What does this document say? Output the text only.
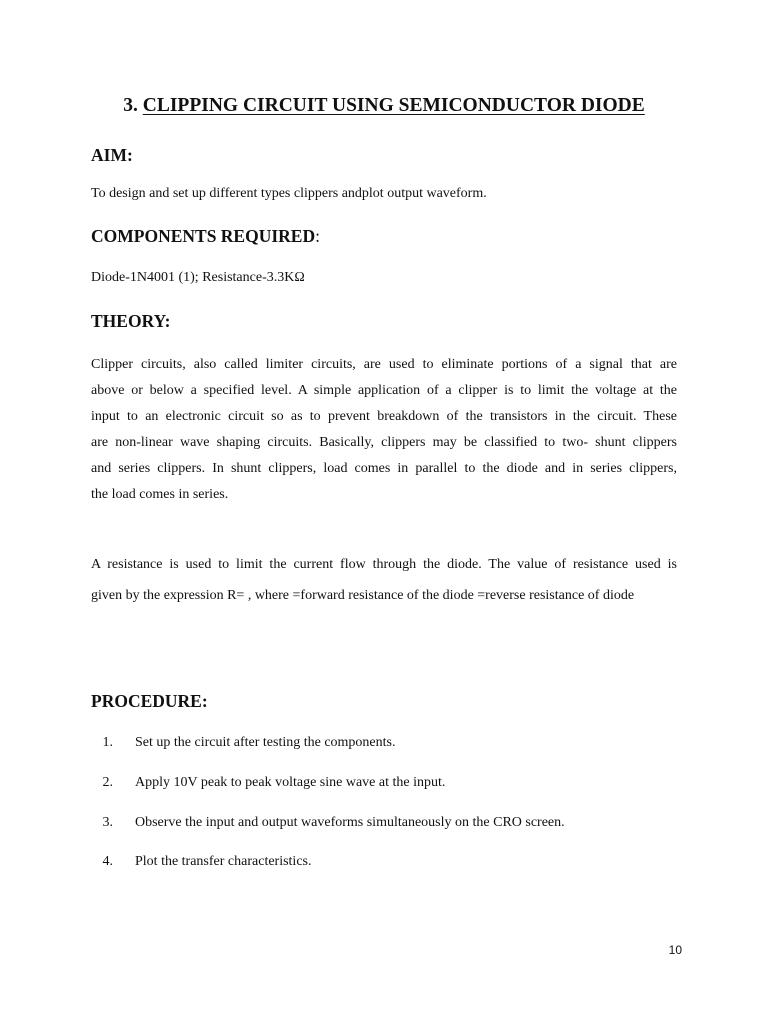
3. CLIPPING CIRCUIT USING SEMICONDUCTOR DIODE
AIM:
To design and set up different types clippers andplot output waveform.
COMPONENTS REQUIRED:
Diode-1N4001 (1); Resistance-3.3KΩ
THEORY:
Clipper circuits, also called limiter circuits, are used to eliminate portions of a signal that are
above or below a specified level. A simple application of a clipper is to limit the voltage at the
input to an electronic circuit so as to prevent breakdown of the transistors in the circuit. These
are non-linear wave shaping circuits. Basically, clippers may be classified to two- shunt clippers
and series clippers. In shunt clippers, load comes in parallel to the diode and in series clippers,
the load comes in series.
A resistance is used to limit the current flow through the diode. The value of resistance used is
given by the expression R= , where =forward resistance of the diode =reverse resistance of diode
PROCEDURE:
1. Set up the circuit after testing the components.
2. Apply 10V peak to peak voltage sine wave at the input.
3. Observe the input and output waveforms simultaneously on the CRO screen.
4. Plot the transfer characteristics.
10
